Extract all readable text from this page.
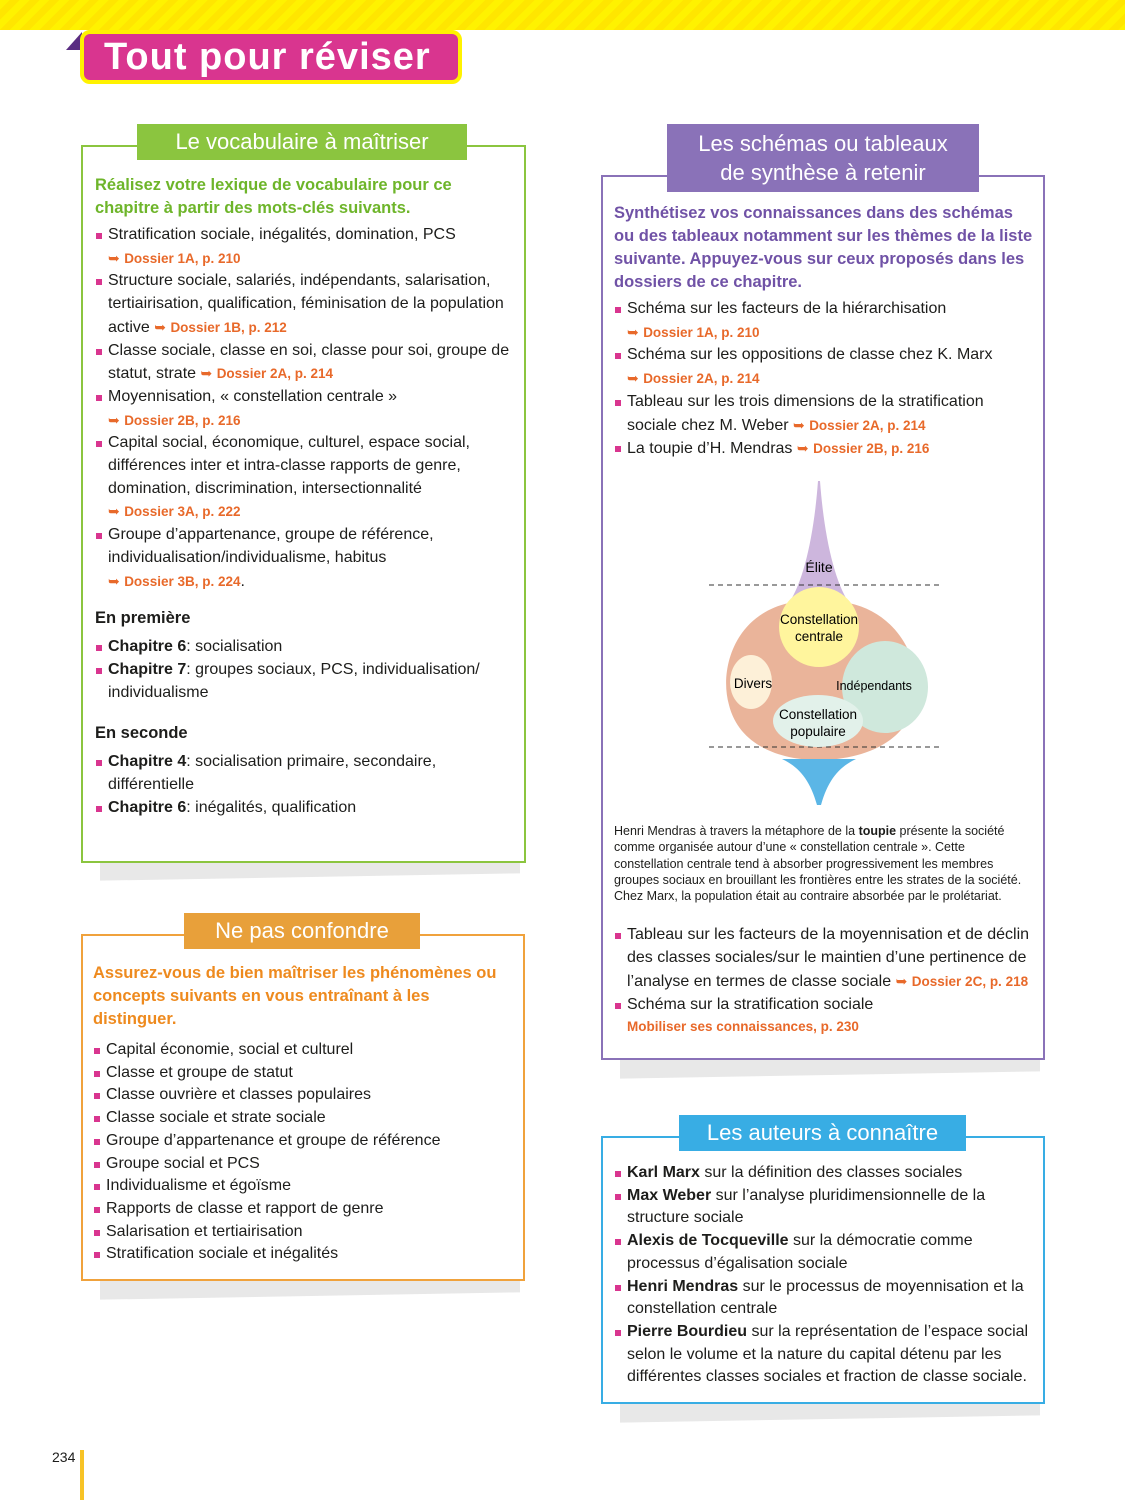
Tout pour réviser

Réalisez votre lexique de vocabulaire pour ce chapitre à partir des mots-clés suivants.

Stratification sociale, inégalités, domination, PCS
➥ Dossier 1A, p. 210
Structure sociale, salariés, indépendants, salarisation, tertiairisation, qualification, féminisation de la population active ➥ Dossier 1B, p. 212
Classe sociale, classe en soi, classe pour soi, groupe de statut, strate ➥ Dossier 2A, p. 214
Moyennisation, « constellation centrale »
➥ Dossier 2B, p. 216
Capital social, économique, culturel, espace social, différences inter et intra-classe rapports de genre, domination, discrimination, intersectionnalité
➥ Dossier 3A, p. 222
Groupe d’appartenance, groupe de référence, individualisation/individualisme, habitus
➥ Dossier 3B, p. 224.
En première
Chapitre 6: socialisation
Chapitre 7: groupes sociaux, PCS, individualisation/ individualisme
En seconde
Chapitre 4: socialisation primaire, secondaire, différentielle
Chapitre 6: inégalités, qualification
Le vocabulaire à maîtriser

Assurez-vous de bien maîtriser les phénomènes ou concepts suivants en vous entraînant à les distinguer.

Capital économie, social et culturel
Classe et groupe de statut
Classe ouvrière et classes populaires
Classe sociale et strate sociale
Groupe d’appartenance et groupe de référence
Groupe social et PCS
Individualisme et égoïsme
Rapports de classe et rapport de genre
Salarisation et tertiairisation
Stratification sociale et inégalités
Ne pas confondre

Synthétisez vos connaissances dans des schémas ou des tableaux notamment sur les thèmes de la liste suivante. Appuyez-vous sur ceux proposés dans les dossiers de ce chapitre.

Schéma sur les facteurs de la hiérarchisation
➥ Dossier 1A, p. 210
Schéma sur les oppositions de classe chez K. Marx
➥ Dossier 2A, p. 214
Tableau sur les trois dimensions de la stratification sociale chez M. Weber ➥ Dossier 2A, p. 214
La toupie d’H. Mendras ➥ Dossier 2B, p. 216
Élite
Constellation
centrale
Divers	Indépendants
Constellation
populaire

Henri Mendras à travers la métaphore de la toupie présente la société comme organisée autour d’une « constellation centrale ». Cette constellation centrale tend à absorber progressivement les membres groupes sociaux en brouillant les frontières entre les strates de la société. Chez Marx, la population était au contraire absorbée par le prolétariat.

Tableau sur les facteurs de la moyennisation et de déclin des classes sociales/sur le maintien d’une pertinence de l’analyse en termes de classe sociale ➥ Dossier 2C, p. 218
Schéma sur la stratification sociale
Mobiliser ses connaissances, p. 230
Les schémas ou tableaux
de synthèse à retenir
Karl Marx sur la définition des classes sociales
Max Weber sur l’analyse pluridimensionnelle de la structure sociale
Alexis de Tocqueville sur la démocratie comme processus d’égalisation sociale
Henri Mendras sur le processus de moyennisation et la constellation centrale
Pierre Bourdieu sur la représentation de l’espace social selon le volume et la nature du capital détenu par les différentes classes sociales et fraction de classe sociale.
Les auteurs à connaître
234
